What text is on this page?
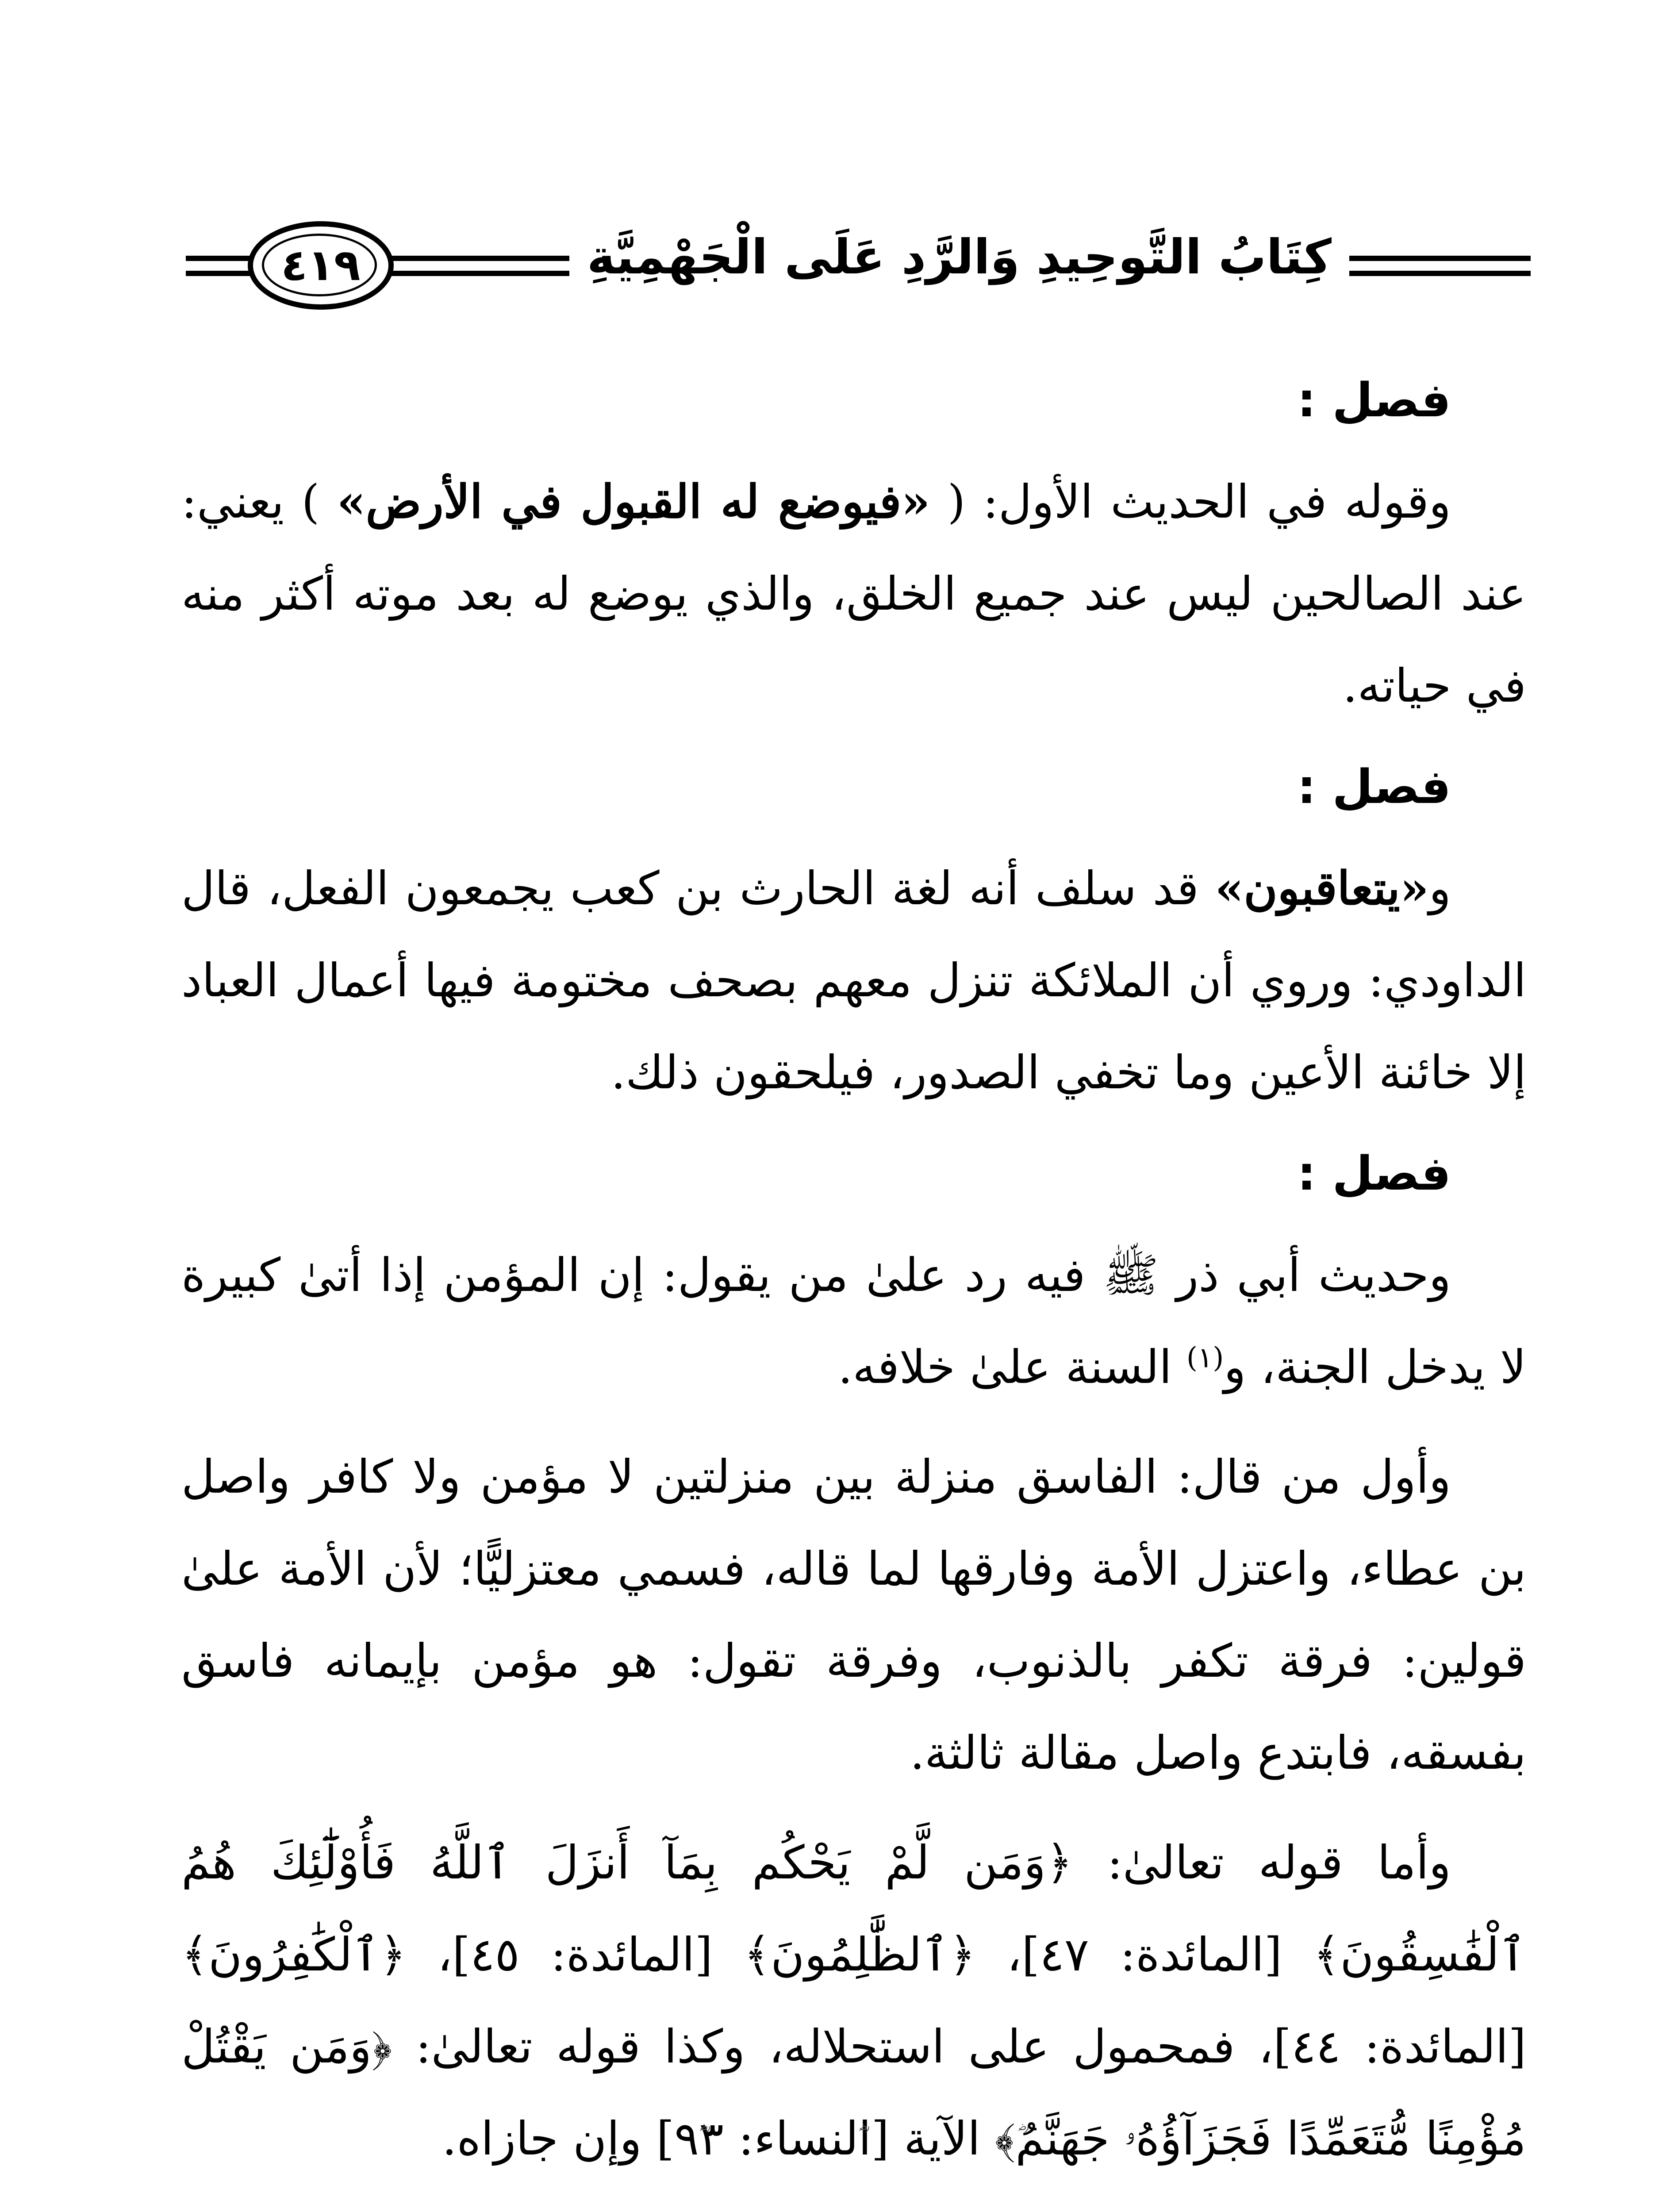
٤١٩	كِتَابُ التَّوحِيدِ وَالرَّدِ عَلَى الْجَهْمِيَّةِ
فصل :

وقوله في الحديث الأول: ( «فيوضع له القبول في الأرض» ) يعني: عند الصالحين ليس عند جميع الخلق، والذي يوضع له بعد موته أكثر منه في حياته.

فصل :

و«يتعاقبون» قد سلف أنه لغة الحارث بن كعب يجمعون الفعل، قال الداودي: وروي أن الملائكة تنزل معهم بصحف مختومة فيها أعمال العباد إلا خائنة الأعين وما تخفي الصدور، فيلحقون ذلك.

فصل :

وحديث أبي ذر ﷺ فيه رد علىٰ من يقول: إن المؤمن إذا أتىٰ كبيرة لا يدخل الجنة، و$^{(١)}$ السنة علىٰ خلافه.

وأول من قال: الفاسق منزلة بين منزلتين لا مؤمن ولا كافر واصل بن عطاء، واعتزل الأمة وفارقها لما قاله، فسمي معتزليًّا؛ لأن الأمة علىٰ قولين: فرقة تكفر بالذنوب، وفرقة تقول: هو مؤمن بإيمانه فاسق بفسقه، فابتدع واصل مقالة ثالثة.

وأما قوله تعالىٰ: ﴿وَمَن لَّمْ يَحْكُم بِمَآ أَنزَلَ ٱللَّهُ فَأُوْلَٰٓئِكَ هُمُ ٱلْفَٰسِقُونَ﴾ [المائدة: ٤٧]، ﴿ٱلظَّٰلِمُونَ﴾ [المائدة: ٤٥]، ﴿ٱلْكَٰفِرُونَ﴾ [المائدة: ٤٤]، فمحمول على استحلاله، وكذا قوله تعالىٰ: ﴿وَمَن يَقْتُلْ مُؤْمِنًا مُّتَعَمِّدًا فَجَزَآؤُهُۥ جَهَنَّمُ﴾ الآية [النساء: ٩٣] وإن جازاه.
